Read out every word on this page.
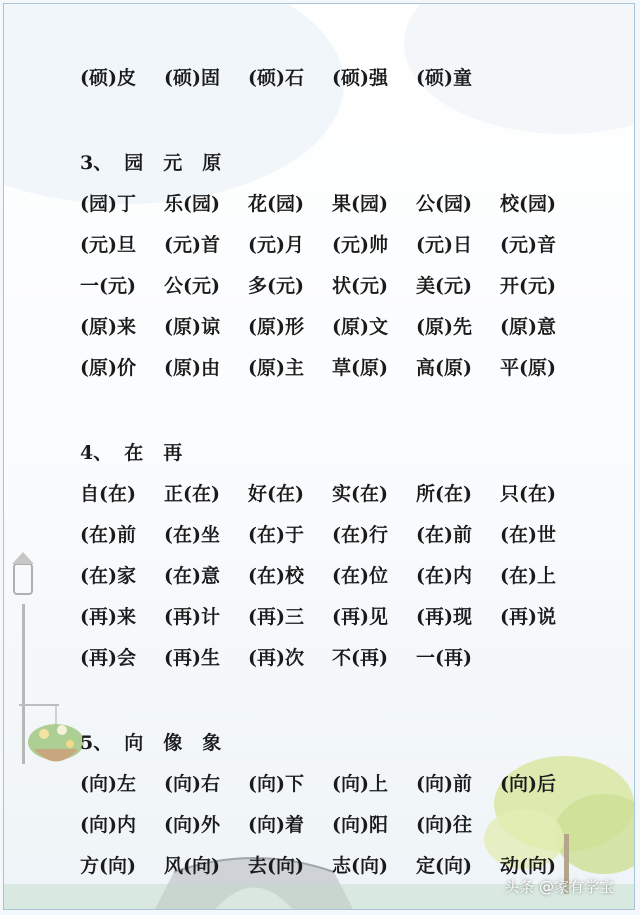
(硕)皮	(硕)固	(硕)石	(硕)强	(硕)童
3、 园 元 原
(园)丁	乐(园)	花(园)	果(园)	公(园)	校(园)
(元)旦	(元)首	(元)月	(元)帅	(元)日	(元)音
一(元)	公(元)	多(元)	状(元)	美(元)	开(元)
(原)来	(原)谅	(原)形	(原)文	(原)先	(原)意
(原)价	(原)由	(原)主	草(原)	高(原)	平(原)
4、 在 再
自(在)	正(在)	好(在)	实(在)	所(在)	只(在)
(在)前	(在)坐	(在)于	(在)行	(在)前	(在)世
(在)家	(在)意	(在)校	(在)位	(在)内	(在)上
(再)来	(再)计	(再)三	(再)见	(再)现	(再)说
(再)会	(再)生	(再)次	不(再)	一(再)
5、 向 像 象
(向)左	(向)右	(向)下	(向)上	(向)前	(向)后
(向)内	(向)外	(向)着	(向)阳	(向)往
方(向)	风(向)	去(向)	志(向)	定(向)	动(向)
头条 @家有学宝
